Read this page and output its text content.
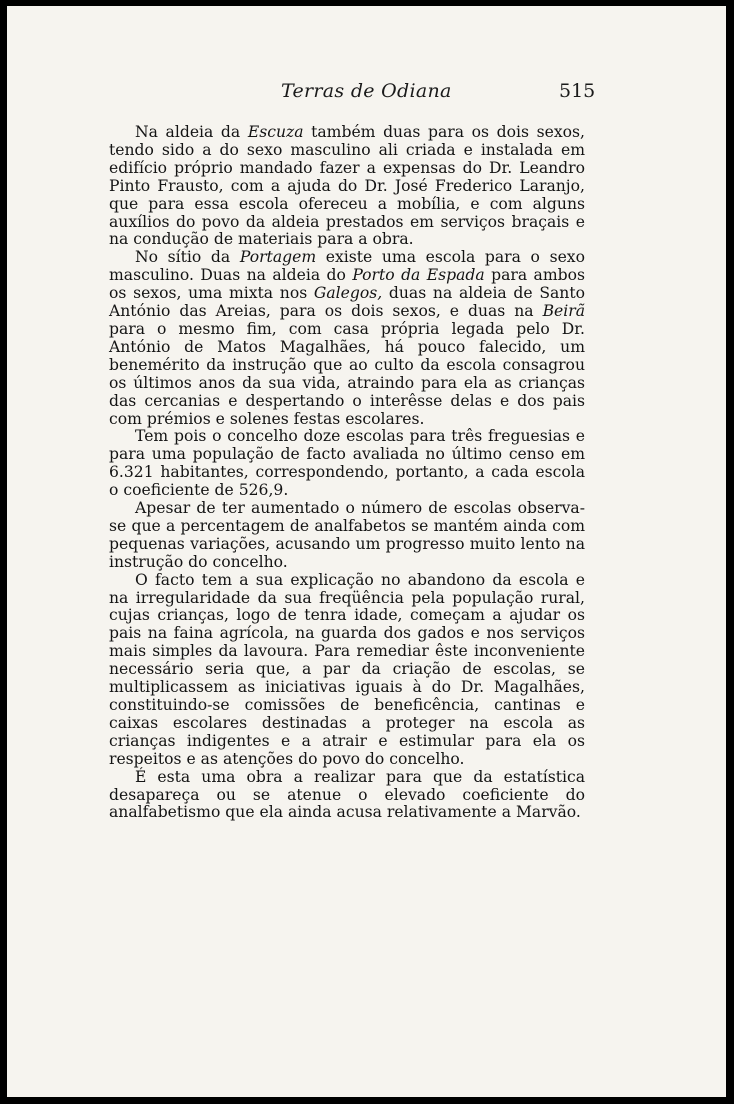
Terras de Odiana	515

Na aldeia da Escuza também duas para os dois sexos, tendo sido a do sexo masculino ali criada e instalada em edifício próprio mandado fazer a expensas do Dr. Leandro Pinto Frausto, com a ajuda do Dr. José Frederico Laranjo, que para essa escola ofereceu a mobília, e com alguns auxílios do povo da aldeia prestados em serviços braçais e na condução de materiais para a obra.

No sítio da Portagem existe uma escola para o sexo masculino. Duas na aldeia do Porto da Espada para ambos os sexos, uma mixta nos Galegos, duas na aldeia de Santo António das Areias, para os dois sexos, e duas na Beirã para o mesmo fim, com casa própria legada pelo Dr. António de Matos Magalhães, há pouco falecido, um benemérito da instrução que ao culto da escola consagrou os últimos anos da sua vida, atraindo para ela as crianças das cercanias e despertando o interêsse delas e dos pais com prémios e solenes festas escolares.

Tem pois o concelho doze escolas para três freguesias e para uma população de facto avaliada no último censo em 6.321 habitantes, correspondendo, portanto, a cada escola o coeficiente de 526,9.

Apesar de ter aumentado o número de escolas observa-se que a percentagem de analfabetos se mantém ainda com pequenas variações, acusando um progresso muito lento na instrução do concelho.

O facto tem a sua explicação no abandono da escola e na irregularidade da sua freqüência pela população rural, cujas crianças, logo de tenra idade, começam a ajudar os pais na faina agrícola, na guarda dos gados e nos serviços mais simples da lavoura. Para remediar êste inconveniente necessário seria que, a par da criação de escolas, se multiplicassem as iniciativas iguais à do Dr. Magalhães, constituindo-se comissões de beneficência, cantinas e caixas escolares destinadas a proteger na escola as crianças indigentes e a atrair e estimular para ela os respeitos e as atenções do povo do concelho.

É esta uma obra a realizar para que da estatística desapareça ou se atenue o elevado coeficiente do analfabetismo que ela ainda acusa relativamente a Marvão.
